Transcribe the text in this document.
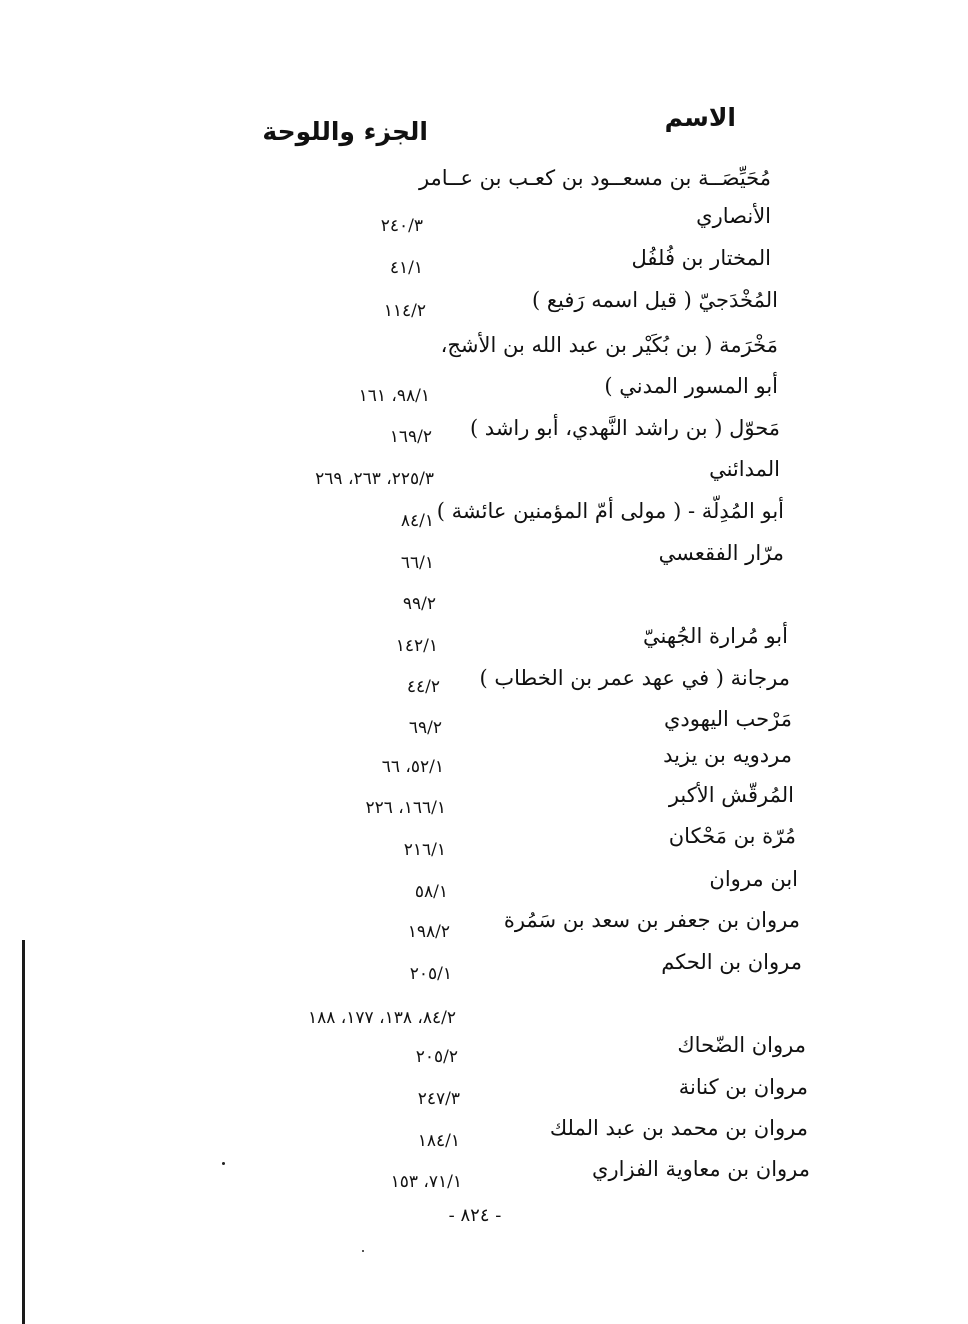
الاسم
الجزء واللوحة
مُحَيِّصَــة بن مسعــود بن كعـب بن عــامر
الأنصاري
٢٤٠/٣
المختار بن فُلفُل
٤١/١
المُخْدَجيّ ( قيل اسمه رَفيع )
١١٤/٢
مَخْرَمة ( بن بُكَيْر بن عبد الله بن الأشج،
أبو المسور المدني )
٩٨/١، ١٦١
مَحوّل ( بن راشد النَّهدي، أبو راشد )
١٦٩/٢
المدائني
٢٢٥/٣، ٢٦٣، ٢٦٩
أبو المُدِلّة - ( مولى أمّ المؤمنين عائشة )
٨٤/١
مرّار الفقعسي
٦٦/١
٩٩/٢
أبو مُرارة الجُهنيّ
١٤٢/١
مرجانة ( في عهد عمر بن الخطاب )
٤٤/٢
مَرْحب اليهودي
٦٩/٢
مردويه بن يزيد
٥٢/١، ٦٦
المُرقّش الأكبر
١٦٦/١، ٢٢٦
مُرّة بن مَحْكان
٢١٦/١
ابن مروان
٥٨/١
مروان بن جعفر بن سعد بن سَمُرة
١٩٨/٢
مروان بن الحكم
٢٠٥/١
٨٤/٢، ١٣٨، ١٧٧، ١٨٨
مروان الضّحاك
٢٠٥/٢
مروان بن كنانة
٢٤٧/٣
مروان بن محمد بن عبد الملك
١٨٤/١
مروان بن معاوية الفزاري
٧١/١، ١٥٣
- ٨٢٤ -
